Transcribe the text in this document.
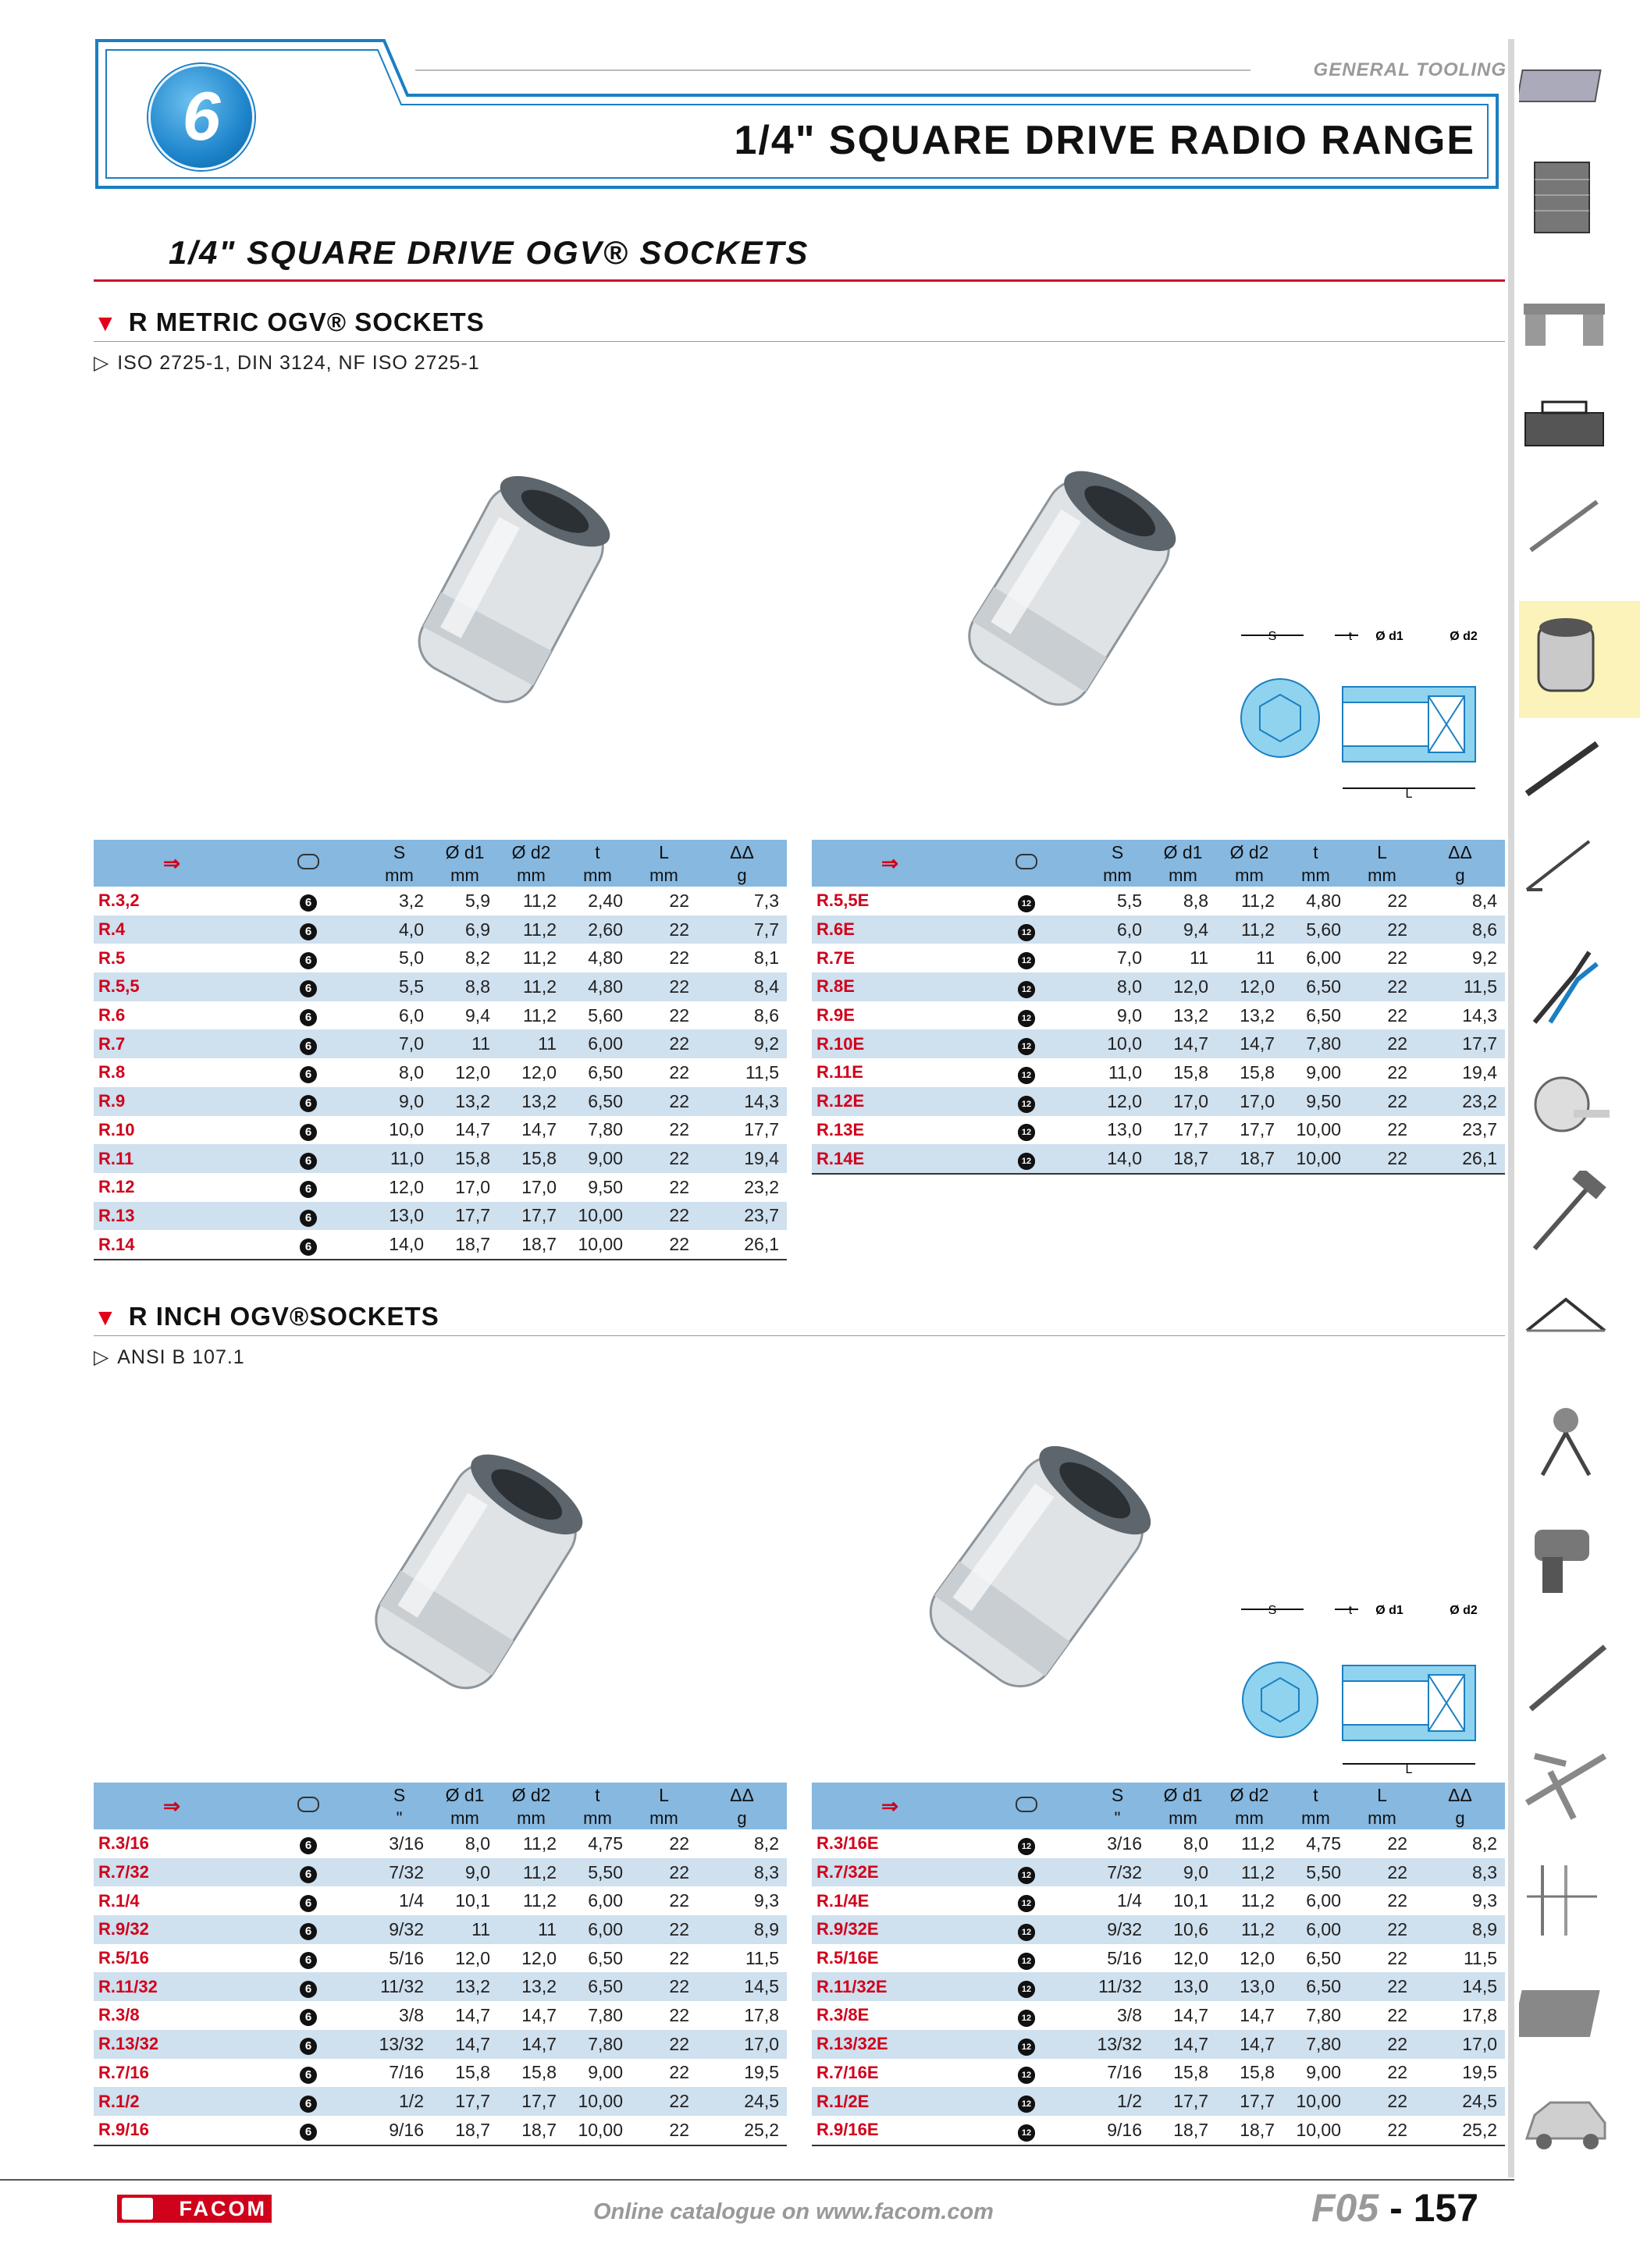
6
GENERAL TOOLING
1/4" SQUARE DRIVE RADIO RANGE
1/4" SQUARE DRIVE OGV® SOCKETS
▼ R METRIC OGV® SOCKETS
▷ ISO 2725-1, DIN 3124, NF ISO 2725-1
S	t Ø d1	Ø d2
L
⇒		S	Ø d1	Ø d2	t	L	ΔΔ
		mm	mm	mm	mm	mm	g
R.3,2	6	3,2	5,9	11,2	2,40	22	7,3
R.4	6	4,0	6,9	11,2	2,60	22	7,7
R.5	6	5,0	8,2	11,2	4,80	22	8,1
R.5,5	6	5,5	8,8	11,2	4,80	22	8,4
R.6	6	6,0	9,4	11,2	5,60	22	8,6
R.7	6	7,0	11	11	6,00	22	9,2
R.8	6	8,0	12,0	12,0	6,50	22	11,5
R.9	6	9,0	13,2	13,2	6,50	22	14,3
R.10	6	10,0	14,7	14,7	7,80	22	17,7
R.11	6	11,0	15,8	15,8	9,00	22	19,4
R.12	6	12,0	17,0	17,0	9,50	22	23,2
R.13	6	13,0	17,7	17,7	10,00	22	23,7
R.14	6	14,0	18,7	18,7	10,00	22	26,1
⇒		S	Ø d1	Ø d2	t	L	ΔΔ
		mm	mm	mm	mm	mm	g
R.5,5E	12	5,5	8,8	11,2	4,80	22	8,4
R.6E	12	6,0	9,4	11,2	5,60	22	8,6
R.7E	12	7,0	11	11	6,00	22	9,2
R.8E	12	8,0	12,0	12,0	6,50	22	11,5
R.9E	12	9,0	13,2	13,2	6,50	22	14,3
R.10E	12	10,0	14,7	14,7	7,80	22	17,7
R.11E	12	11,0	15,8	15,8	9,00	22	19,4
R.12E	12	12,0	17,0	17,0	9,50	22	23,2
R.13E	12	13,0	17,7	17,7	10,00	22	23,7
R.14E	12	14,0	18,7	18,7	10,00	22	26,1
▼ R INCH OGV®SOCKETS
▷ ANSI B 107.1
S	t Ø d1	Ø d2
L
⇒		S	Ø d1	Ø d2	t	L	ΔΔ
		"	mm	mm	mm	mm	g
R.3/16	6	3/16	8,0	11,2	4,75	22	8,2
R.7/32	6	7/32	9,0	11,2	5,50	22	8,3
R.1/4	6	1/4	10,1	11,2	6,00	22	9,3
R.9/32	6	9/32	11	11	6,00	22	8,9
R.5/16	6	5/16	12,0	12,0	6,50	22	11,5
R.11/32	6	11/32	13,2	13,2	6,50	22	14,5
R.3/8	6	3/8	14,7	14,7	7,80	22	17,8
R.13/32	6	13/32	14,7	14,7	7,80	22	17,0
R.7/16	6	7/16	15,8	15,8	9,00	22	19,5
R.1/2	6	1/2	17,7	17,7	10,00	22	24,5
R.9/16	6	9/16	18,7	18,7	10,00	22	25,2
⇒		S	Ø d1	Ø d2	t	L	ΔΔ
		"	mm	mm	mm	mm	g
R.3/16E	12	3/16	8,0	11,2	4,75	22	8,2
R.7/32E	12	7/32	9,0	11,2	5,50	22	8,3
R.1/4E	12	1/4	10,1	11,2	6,00	22	9,3
R.9/32E	12	9/32	10,6	11,2	6,00	22	8,9
R.5/16E	12	5/16	12,0	12,0	6,50	22	11,5
R.11/32E	12	11/32	13,0	13,0	6,50	22	14,5
R.3/8E	12	3/8	14,7	14,7	7,80	22	17,8
R.13/32E	12	13/32	14,7	14,7	7,80	22	17,0
R.7/16E	12	7/16	15,8	15,8	9,00	22	19,5
R.1/2E	12	1/2	17,7	17,7	10,00	22	24,5
R.9/16E	12	9/16	18,7	18,7	10,00	22	25,2
FACOM	Online catalogue on www.facom.com	F05 - 157
